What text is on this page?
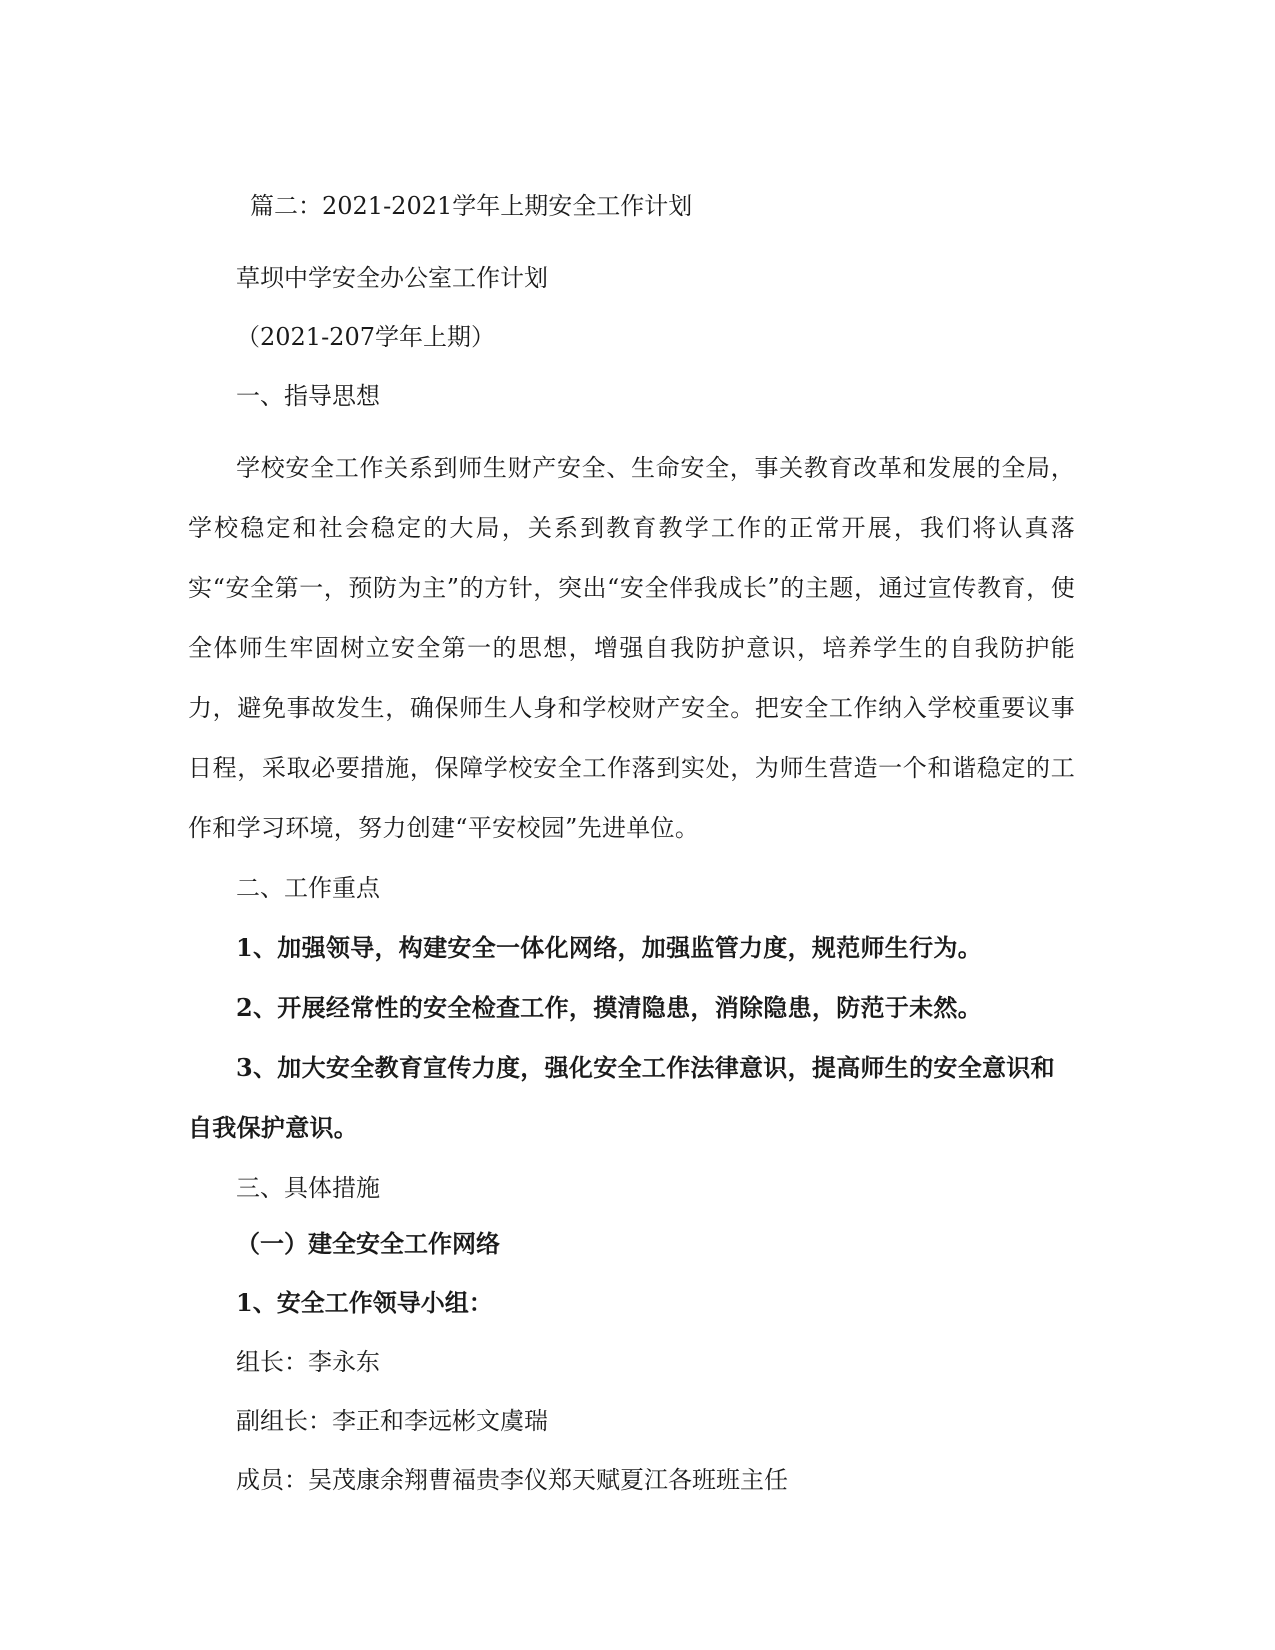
篇二：2021-2021学年上期安全工作计划

草坝中学安全办公室工作计划

（2021-207学年上期）

一、指导思想

学校安全工作关系到师生财产安全、生命安全，事关教育改革和发展的全局，学校稳定和社会稳定的大局，关系到教育教学工作的正常开展，我们将认真落实“安全第一，预防为主”的方针，突出“安全伴我成长”的主题，通过宣传教育，使全体师生牢固树立安全第一的思想，增强自我防护意识，培养学生的自我防护能力，避免事故发生，确保师生人身和学校财产安全。把安全工作纳入学校重要议事日程，采取必要措施，保障学校安全工作落到实处，为师生营造一个和谐稳定的工作和学习环境，努力创建“平安校园”先进单位。

二、工作重点

1、加强领导，构建安全一体化网络，加强监管力度，规范师生行为。

2、开展经常性的安全检查工作，摸清隐患，消除隐患，防范于未然。

3、加大安全教育宣传力度，强化安全工作法律意识，提高师生的安全意识和自我保护意识。

三、具体措施

（一）建全安全工作网络

1、安全工作领导小组：

组长：李永东

副组长：李正和李远彬文虞瑞

成员：吴茂康余翔曹福贵李仪郑天赋夏江各班班主任
